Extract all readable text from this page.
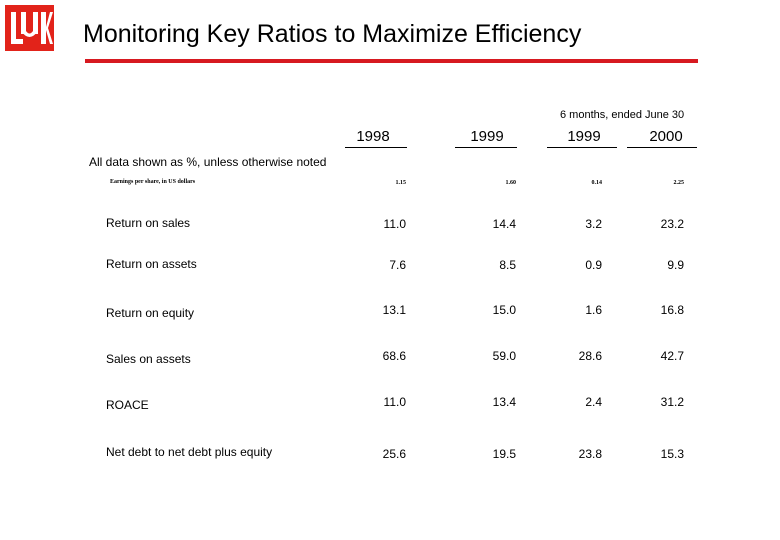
Monitoring Key Ratios to Maximize Efficiency
6 months, ended June 30
1998	1999	1999	2000
All data shown as %, unless otherwise noted
Earnings per share, in US dollars	1.15	1.60	0.14	2.25
Return on sales	11.0	14.4	3.2	23.2
Return on assets	7.6	8.5	0.9	9.9
Return on equity	13.1	15.0	1.6	16.8
Sales on assets	68.6	59.0	28.6	42.7
ROACE	11.0	13.4	2.4	31.2
Net debt to net debt plus equity	25.6	19.5	23.8	15.3
